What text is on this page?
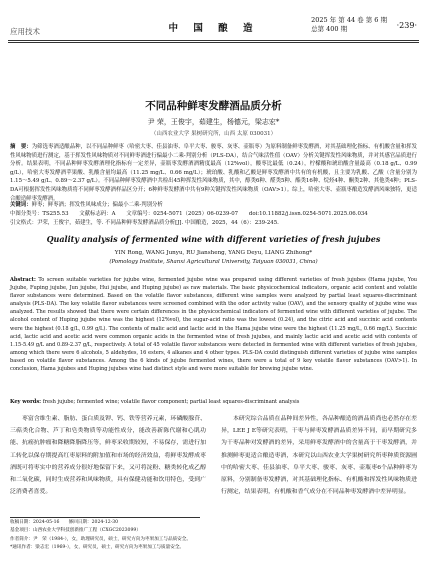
应用技术	中 国 酿 造
2025 年 第 44 卷 第 6 期
总第 400 期	·239·
不同品种鲜枣发酵酒品质分析
尹 荣，王俊宇，茹建生，杨德元，梁志宏*
（山西农业大学 果树研究所，山西 太原 030031）
摘　要：为筛选枣酒适酿品种，以不同品种鲜枣（哈密大枣、佳县油枣、阜平大枣、骏枣、灰枣、壶瓶枣）为原料制备鲜枣发酵酒，对其基础理化指标、有机酸含量和挥发性风味物质进行测定，基于挥发性风味物质对不同鲜枣酒进行偏最小二乘-判别分析（PLS-DA），结合气味活性值（OAV）分析关键挥发性风味物质，并对其感官品质进行分析。结果表明，不同品种鲜枣发酵酒理化指标有一定差异，壶瓶枣发酵酒酒精度最高（12%vol），酸枣比最低（0.24），柠檬酸和琥珀酸含量最高（0.18 g/L、0.99 g/L），哈密大枣发酵酒苹果酸、乳酸含量均最高（11.25 mg/L、0.66 mg/L）；琥珀酸、乳酸和乙酸是鲜枣发酵酒中共有的有机酸，且主要为乳酸、乙酸（含量分别为1.15～5.49 g/L、0.89～2.37 g/L）。不同品种鲜枣发酵酒中共检出45种挥发性风味物质，其中，醇类6种、醛类5种、酯类16种、烷烃4种、酮类2种、其他类4种；PLS-DA可根据挥发性风味物质将不同鲜枣发酵酒样品区分开；6种鲜枣发酵酒中共有9种关键挥发性风味物质（OAV>1）。综上，哈密大枣、壶瓶枣酿造发酵酒风味独特，更适合酿造鲜枣发酵酒。
关键词：鲜枣；鲜枣酒；挥发性风味成分；偏最小二乘-判别分析
中图分类号：TS255.53　　文献标志码：A　　文章编号：0254-5071（2025）06-0239-07　　doi:10.11882/j.issn.0254-5071.2025.06.034
引文格式：尹荣，王俊宇，茹建生，等. 不同品种鲜枣发酵酒品质分析[J]. 中国酿造，2025，44（6）：239-245.
Quality analysis of fermented wine with different varieties of fresh jujubes
YIN Rong, WANG Junyu, RU Jiansheng, YANG Deyu, LIANG Zhihong*
(Pomology Institute, Shanxi Agricultural University, Taiyuan 030031, China)
Abstract: To screen suitable varieties for jujube wine, fermented jujube wine was prepared using different varieties of fresh jujubes (Hama jujube, You Jujube, Fuping jujube, Jun jujube, Hui jujube, and Huping jujube) as raw materials. The basic physicochemical indicators, organic acid content and volatile flavor substances were determined. Based on the volatile flavor substances, different wine samples were analyzed by partial least squares-discriminant analysis (PLS-DA). The key volatile flavor substances were screened combined with the odor activity value (OAV), and the sensory quality of jujube wine was analyzed. The results showed that there were certain differences in the physicochemical indicators of fermented wine with different varieties of jujube. The alcohol content of Huping jujube wine was the highest (12%vol), the sugar-acid ratio was the lowest (0.24), and the citric acid and succinic acid contents were the highest (0.18 g/L, 0.99 g/L). The contents of malic acid and lactic acid in the Hama jujube wine were the highest (11.25 mg/L, 0.66 mg/L). Succinic acid, lactic acid and acetic acid were common organic acids in the fermented wine of fresh jujubes, and mainly lactic acid and acetic acid with contents of 1.15-5.49 g/L and 0.89-2.37 g/L, respectively. A total of 45 volatile flavor substances were detected in fermented wine with different varieties of fresh jujubes, among which there were 6 alcohols, 5 aldehydes, 16 esters, 4 alkanes and 4 other types. PLS-DA could distinguish different varieties of jujube wine samples based on volatile flavor substances. Among the 6 kinds of jujube fermented wines, there were a total of 9 key volatile flavor substances (OAV>1). In conclusion, Hama jujubes and Huping jujubes wine had distinct style and were more suitable for brewing jujube wine.
Key words: fresh jujube; fermented wine; volatile flavor component; partial least squares-discriminant analysis
枣富含维生素、脂肪、蛋白质及钾、钙、铁等营养元素，环磷酸腺苷、三萜类化合物、芦丁和皂类物质等功能性成分，能改善新陈代谢和心肌功能、抗癌抗肿瘤和降糖降脂降压等，鲜枣采收期较短，不易保存，需进行加工转化以保存期提高红枣原料的附加值和市场的经济效益，将鲜枣发酵成枣酒既可将枣实中的营养成分很好地保留下来，又可将淀粉、糖类转化成乙醇和二氧化碳，同时生成营养和风味物质，具有保健功能和饮用特色，受到广泛消费者喜爱。
本研究综合品质在品种间差异性，各品种酿造的酒品质尚也必然存在差异，LEE J E等研究表明，干枣与鲜枣发酵酒品质差异不同，而早期研究多为干枣品种对发酵酒的差异，采用鲜枣发酵酒中的含量高于干枣发酵酒，并推测鲜枣更适合酿造枣酒，本研究以山西农业大学果树研究所枣种质资源圃中的哈密大枣、佳县油枣、阜平大枣、骏枣、灰枣、壶瓶枣6个品种鲜枣为原料，分别制备枣发酵酒，对其基础理化指标、有机酸和挥发性风味物质进行测定，结果表明，有机酸和香气成分在不同品种枣发酵酒中差异明显。
收稿日期：2024-05-16　　修回日期：2024-12-30
基金项目：山西农业大学科技创新推广工程（CXGC2023099）
作者简介：尹　荣（1984-），女，助理研究员，硕士，研究方向为枣果加工与品质安全。
*通讯作者：梁志宏（1969-），女，研究员，硕士，研究方向为枣果加工与质量安全。
